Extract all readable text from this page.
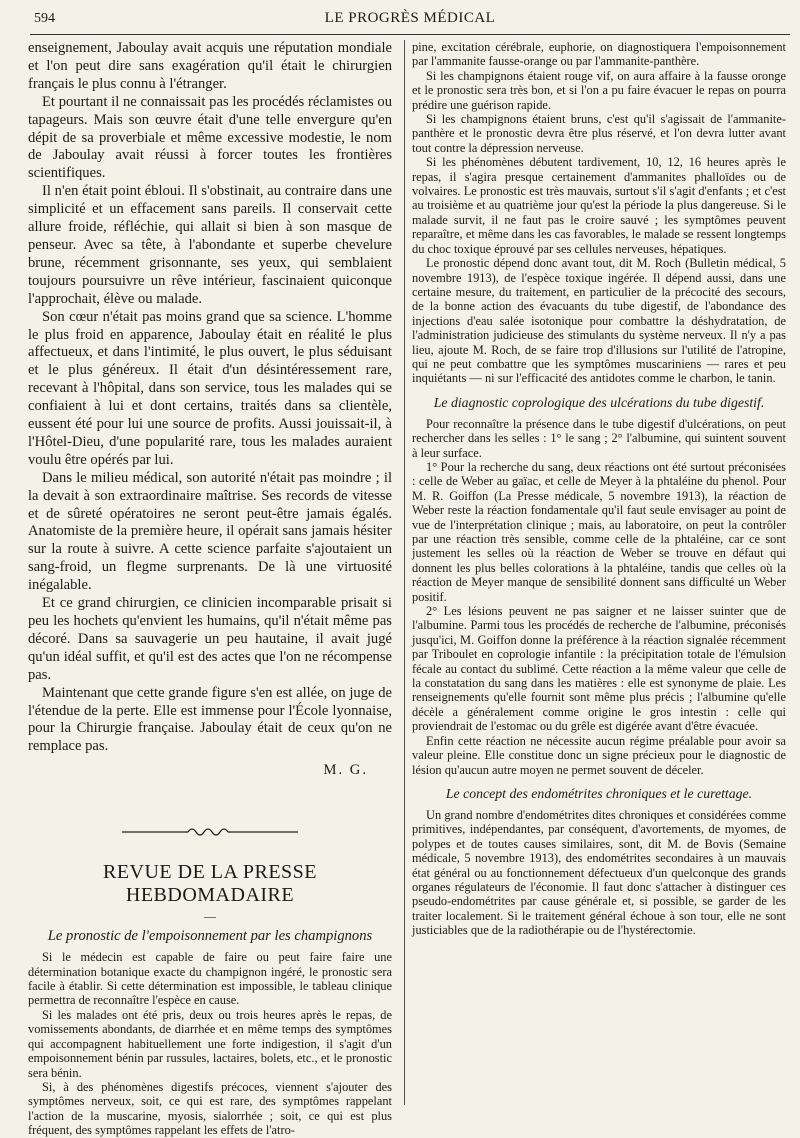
594	LE PROGRÈS MÉDICAL

enseignement, Jaboulay avait acquis une réputation mondiale et l'on peut dire sans exagération qu'il était le chirurgien français le plus connu à l'étranger.

Et pourtant il ne connaissait pas les procédés réclamistes ou tapageurs. Mais son œuvre était d'une telle envergure qu'en dépit de sa proverbiale et même excessive modestie, le nom de Jaboulay avait réussi à forcer toutes les frontières scientifiques.

Il n'en était point ébloui. Il s'obstinait, au contraire dans une simplicité et un effacement sans pareils. Il conservait cette allure froide, réfléchie, qui allait si bien à son masque de penseur. Avec sa tête, à l'abondante et superbe chevelure brune, récemment grisonnante, ses yeux, qui semblaient toujours poursuivre un rêve intérieur, fascinaient quiconque l'approchait, élève ou malade.

Son cœur n'était pas moins grand que sa science. L'homme le plus froid en apparence, Jaboulay était en réalité le plus affectueux, et dans l'intimité, le plus ouvert, le plus séduisant et le plus généreux. Il était d'un désintéressement rare, recevant à l'hôpital, dans son service, tous les malades qui se confiaient à lui et dont certains, traités dans sa clientèle, eussent été pour lui une source de profits. Aussi jouissait-il, à l'Hôtel-Dieu, d'une popularité rare, tous les malades auraient voulu être opérés par lui.

Dans le milieu médical, son autorité n'était pas moindre ; il la devait à son extraordinaire maîtrise. Ses records de vitesse et de sûreté opératoires ne seront peut-être jamais égalés. Anatomiste de la première heure, il opérait sans jamais hésiter sur la route à suivre. A cette science parfaite s'ajoutaient un sang-froid, un flegme surprenants. De là une virtuosité inégalable.

Et ce grand chirurgien, ce clinicien incomparable prisait si peu les hochets qu'envient les humains, qu'il n'était même pas décoré. Dans sa sauvagerie un peu hautaine, il avait jugé qu'un idéal suffit, et qu'il est des actes que l'on ne récompense pas.

Maintenant que cette grande figure s'en est allée, on juge de l'étendue de la perte. Elle est immense pour l'École lyonnaise, pour la Chirurgie française. Jaboulay était de ceux qu'on ne remplace pas.

M. G.
REVUE DE LA PRESSE HEBDOMADAIRE
—
Le pronostic de l'empoisonnement par les champignons

Si le médecin est capable de faire ou peut faire faire une détermination botanique exacte du champignon ingéré, le pronostic sera facile à établir. Si cette détermination est impossible, le tableau clinique permettra de reconnaître l'espèce en cause.

Si les malades ont été pris, deux ou trois heures après le repas, de vomissements abondants, de diarrhée et en même temps des symptômes qui accompagnent habituellement une forte indigestion, il s'agit d'un empoisonnement bénin par russules, lactaires, bolets, etc., et le pronostic sera bénin.

Si, à des phénomènes digestifs précoces, viennent s'ajouter des symptômes nerveux, soit, ce qui est rare, des symptômes rappelant l'action de la muscarine, myosis, sialorrhée ; soit, ce qui est plus fréquent, des symptômes rappelant les effets de l'atro-

pine, excitation cérébrale, euphorie, on diagnostiquera l'empoisonnement par l'ammanite fausse-orange ou par l'ammanite-panthère.

Si les champignons étaient rouge vif, on aura affaire à la fausse oronge et le pronostic sera très bon, et si l'on a pu faire évacuer le repas on pourra prédire une guérison rapide.

Si les champignons étaient bruns, c'est qu'il s'agissait de l'ammanite-panthère et le pronostic devra être plus réservé, et l'on devra lutter avant tout contre la dépression nerveuse.

Si les phénomènes débutent tardivement, 10, 12, 16 heures après le repas, il s'agira presque certainement d'ammanites phalloïdes ou de volvaires. Le pronostic est très mauvais, surtout s'il s'agit d'enfants ; et c'est au troisième et au quatrième jour qu'est la période la plus dangereuse. Si le malade survit, il ne faut pas le croire sauvé ; les symptômes peuvent reparaître, et même dans les cas favorables, le malade se ressent longtemps du choc toxique éprouvé par ses cellules nerveuses, hépatiques.

Le pronostic dépend donc avant tout, dit M. Roch (Bulletin médical, 5 novembre 1913), de l'espèce toxique ingérée. Il dépend aussi, dans une certaine mesure, du traitement, en particulier de la précocité des secours, de la bonne action des évacuants du tube digestif, de l'abondance des injections d'eau salée isotonique pour combattre la déshydratation, de l'administration judicieuse des stimulants du système nerveux. Il n'y a pas lieu, ajoute M. Roch, de se faire trop d'illusions sur l'utilité de l'atropine, qui ne peut combattre que les symptômes muscariniens — rares et peu inquiétants — ni sur l'efficacité des antidotes comme le charbon, le tanin.

Le diagnostic coprologique des ulcérations du tube digestif.

Pour reconnaître la présence dans le tube digestif d'ulcérations, on peut rechercher dans les selles : 1° le sang ; 2° l'albumine, qui suintent souvent à leur surface.

1° Pour la recherche du sang, deux réactions ont été surtout préconisées : celle de Weber au gaïac, et celle de Meyer à la phtaléine du phenol. Pour M. R. Goiffon (La Presse médicale, 5 novembre 1913), la réaction de Weber reste la réaction fondamentale qu'il faut seule envisager au point de vue de l'interprétation clinique ; mais, au laboratoire, on peut la contrôler par une réaction très sensible, comme celle de la phtaléine, car ce sont justement les selles où la réaction de Weber se trouve en défaut qui donnent les plus belles colorations à la phtaléine, tandis que celles où la réaction de Meyer manque de sensibilité donnent sans difficulté un Weber positif.

2° Les lésions peuvent ne pas saigner et ne laisser suinter que de l'albumine. Parmi tous les procédés de recherche de l'albumine, préconisés jusqu'ici, M. Goiffon donne la préférence à la réaction signalée récemment par Triboulet en coprologie infantile : la précipitation totale de l'émulsion fécale au contact du sublimé. Cette réaction a la même valeur que celle de la constatation du sang dans les matières : elle est synonyme de plaie. Les renseignements qu'elle fournit sont même plus précis ; l'albumine qu'elle décèle a généralement comme origine le gros intestin : celle qui proviendrait de l'estomac ou du grêle est digérée avant d'être évacuée.

Enfin cette réaction ne nécessite aucun régime préalable pour avoir sa valeur pleine. Elle constitue donc un signe précieux pour le diagnostic de lésion qu'aucun autre moyen ne permet souvent de déceler.

Le concept des endométrites chroniques et le curettage.

Un grand nombre d'endométrites dites chroniques et considérées comme primitives, indépendantes, par conséquent, d'avortements, de myomes, de polypes et de toutes causes similaires, sont, dit M. de Bovis (Semaine médicale, 5 novembre 1913), des endométrites secondaires à un mauvais état général ou au fonctionnement défectueux d'un quelconque des grands organes régulateurs de l'économie. Il faut donc s'attacher à distinguer ces pseudo-endométrites par cause générale et, si possible, se garder de les traiter localement. Si le traitement général échoue à son tour, elle ne sont justiciables que de la radiothérapie ou de l'hystérectomie.
